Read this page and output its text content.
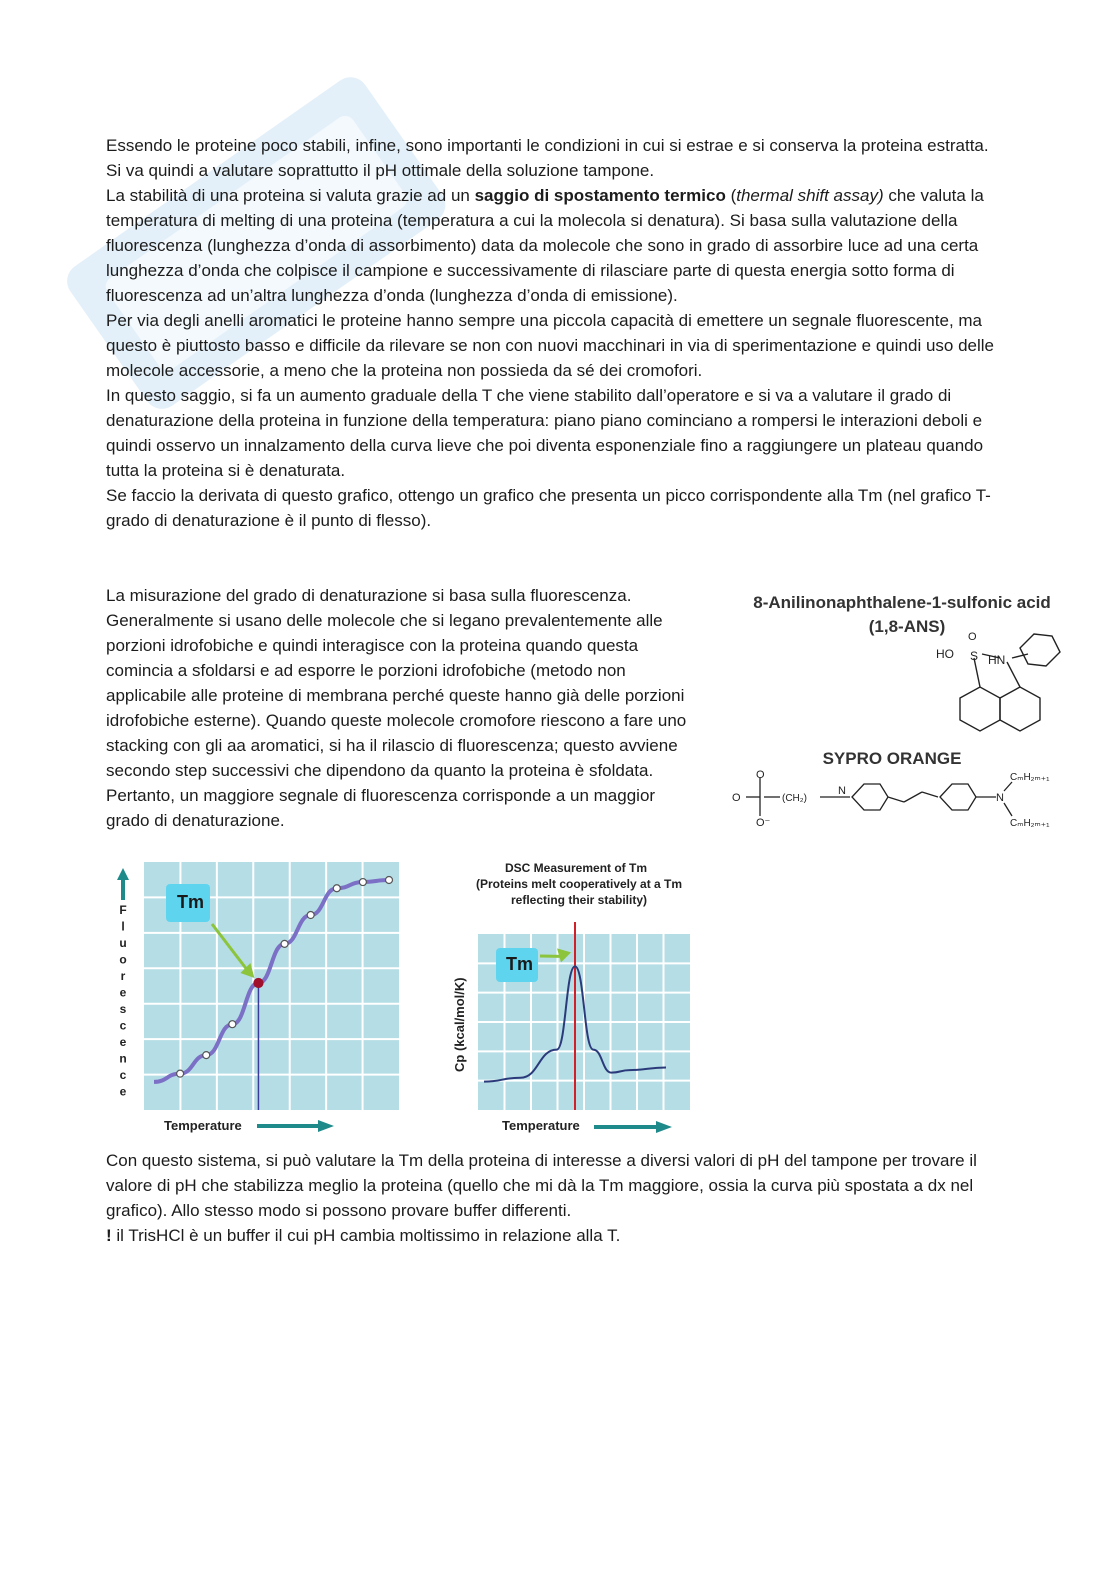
Essendo le proteine poco stabili, infine, sono importanti le condizioni in cui si estrae e si conserva la proteina estratta. Si va quindi a valutare soprattutto il pH ottimale della soluzione tampone.

La stabilità di una proteina si valuta grazie ad un saggio di spostamento termico (thermal shift assay) che valuta la temperatura di melting di una proteina (temperatura a cui la molecola si denatura). Si basa sulla valutazione della fluorescenza (lunghezza d’onda di assorbimento) data da molecole che sono in grado di assorbire luce ad una certa lunghezza d’onda che colpisce il campione e successivamente di rilasciare parte di questa energia sotto forma di fluorescenza ad un’altra lunghezza d’onda (lunghezza d’onda di emissione).

Per via degli anelli aromatici le proteine hanno sempre una piccola capacità di emettere un segnale fluorescente, ma questo è piuttosto basso e difficile da rilevare se non con nuovi macchinari in via di sperimentazione e quindi uso delle molecole accessorie, a meno che la proteina non possieda da sé dei cromofori.

In questo saggio, si fa un aumento graduale della T che viene stabilito dall’operatore e si va a valutare il grado di denaturazione della proteina in funzione della temperatura: piano piano cominciano a rompersi le interazioni deboli e quindi osservo un innalzamento della curva lieve che poi diventa esponenziale fino a raggiungere un plateau quando tutta la proteina si è denaturata.

Se faccio la derivata di questo grafico, ottengo un grafico che presenta un picco corrispondente alla Tm (nel grafico T-grado di denaturazione è il punto di flesso).

La misurazione del grado di denaturazione si basa sulla fluorescenza. Generalmente si usano delle molecole che si legano prevalentemente alle porzioni idrofobiche e quindi interagisce con la proteina quando questa comincia a sfoldarsi e ad esporre le porzioni idrofobiche (metodo non applicabile alle proteine di membrana perché queste hanno già delle porzioni idrofobiche esterne). Quando queste molecole cromofore riescono a fare uno stacking con gli aa aromatici, si ha il rilascio di fluorescenza; questo avviene secondo step successivi che dipendono da quanto la proteina è sfoldata. Pertanto, un maggiore segnale di fluorescenza corrisponde a un maggior grado di denaturazione.

8-Anilinonaphthalene-1-sulfonic acid
(1,8-ANS)
HO S
O
HN
SYPRO ORANGE
O
O
O⁻
(CH₂)
N
N
CₘH₂ₘ₊₁
CₘH₂ₘ₊₁
F
l
u
o
r
e
s
c
e
n
c
e
Tm
Temperature
DSC Measurement of Tm
(Proteins melt cooperatively at a Tm reflecting their stability)
Cp (kcal/mol/K)
Tm
Temperature

Con questo sistema, si può valutare la Tm della proteina di interesse a diversi valori di pH del tampone per trovare il valore di pH che stabilizza meglio la proteina (quello che mi dà la Tm maggiore, ossia la curva più spostata a dx nel grafico). Allo stesso modo si possono provare buffer differenti.

! il TrisHCl è un buffer il cui pH cambia moltissimo in relazione alla T.
